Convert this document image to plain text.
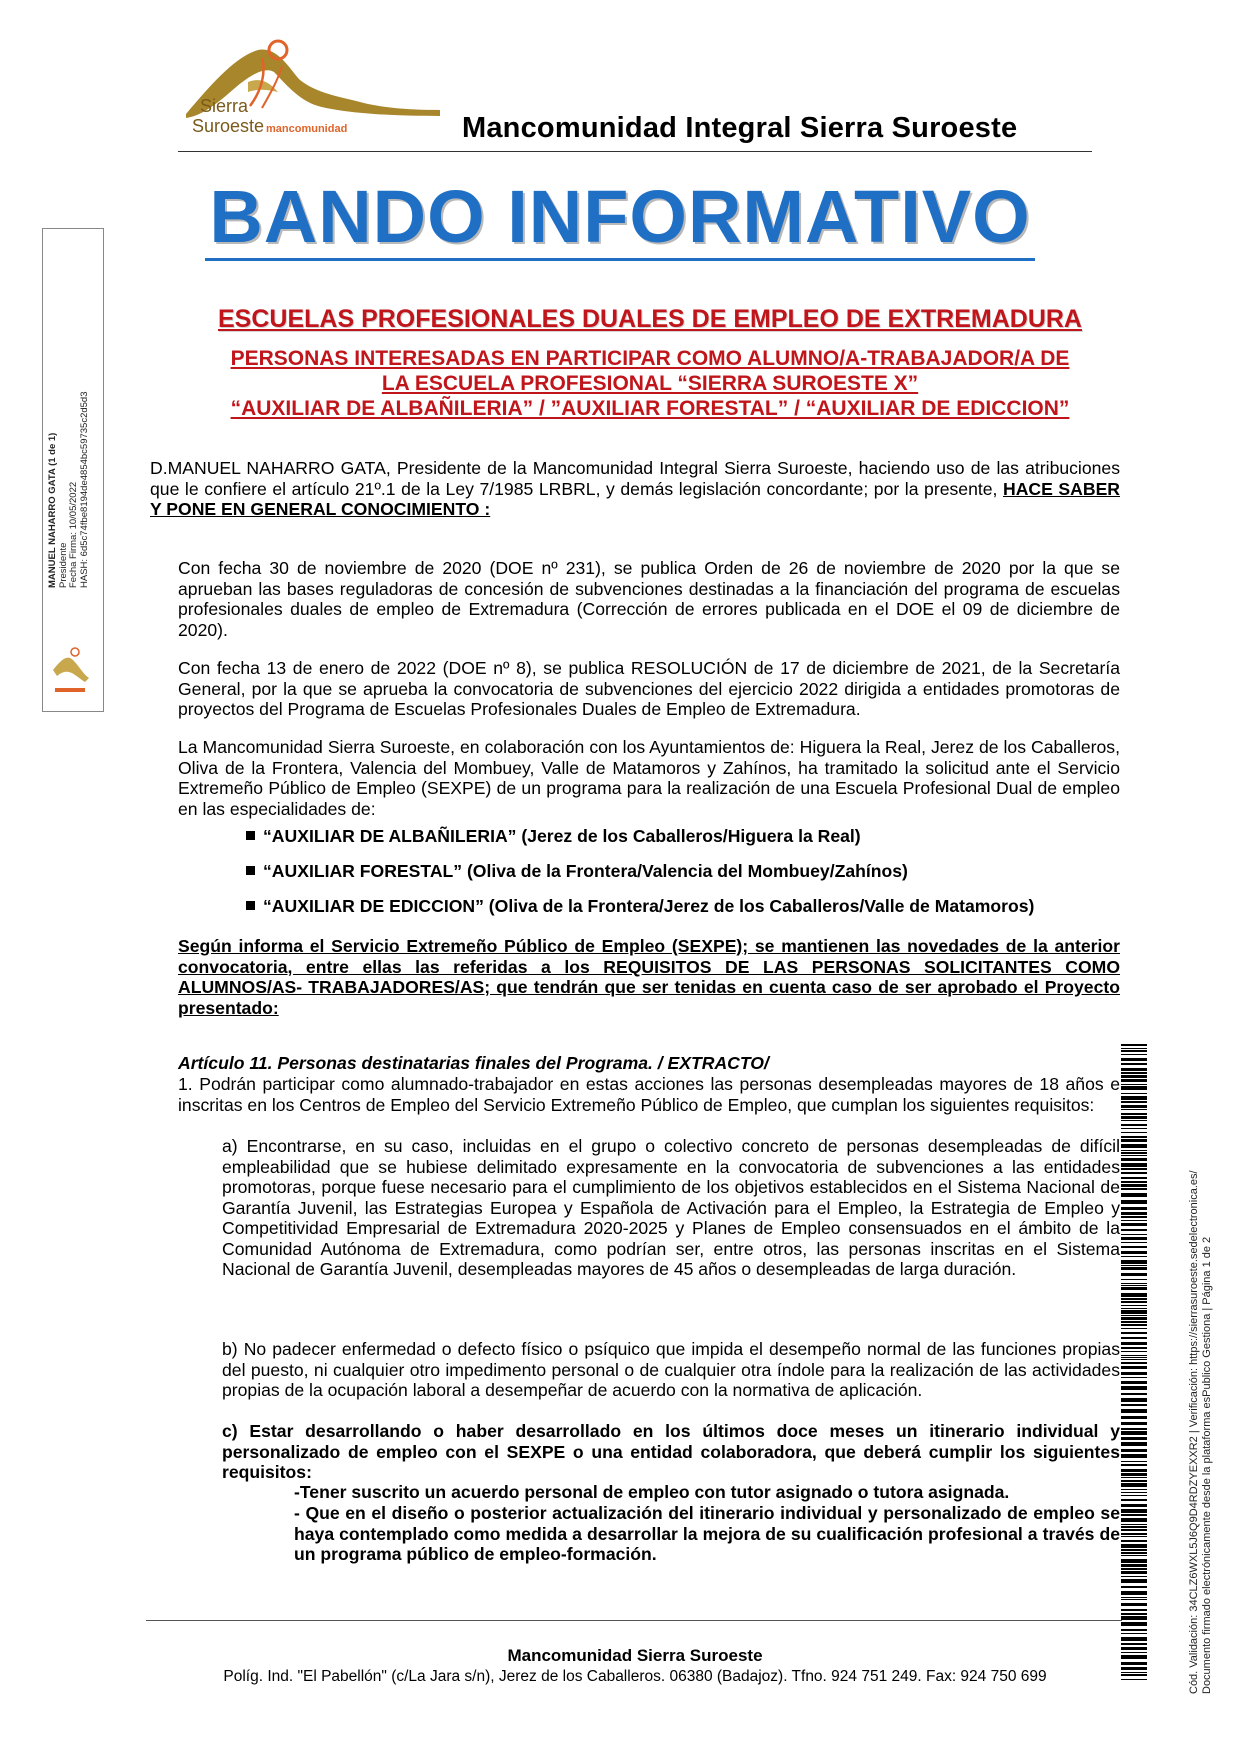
Sierra
Suroeste mancomunidad	Mancomunidad Integral Sierra Suroeste
BANDO INFORMATIVO
ESCUELAS PROFESIONALES DUALES DE EMPLEO DE EXTREMADURA
PERSONAS INTERESADAS EN PARTICIPAR COMO ALUMNO/A-TRABAJADOR/A DE
LA ESCUELA PROFESIONAL “SIERRA SUROESTE X”
“AUXILIAR DE ALBAÑILERIA” / ”AUXILIAR FORESTAL” / “AUXILIAR DE EDICCION”
MANUEL NAHARRO GATA (1 de 1) Presidente Fecha Firma: 10/05/2022 HASH: 6d5c74fbe8194de4854bc59735c2d5d3
Cód. Validación: 34CLZ6WXL5J6Q9D4RDZYEXXR2 | Verificación: https://sierrasuroeste.sedelectronica.es/ Documento firmado electrónicamente desde la plataforma esPublico Gestiona | Página 1 de 2
D.MANUEL NAHARRO GATA, Presidente de la Mancomunidad Integral Sierra Suroeste, haciendo uso de las atribuciones que le confiere el artículo 21º.1 de la Ley 7/1985 LRBRL, y demás legislación concordante; por la presente, HACE SABER Y PONE EN GENERAL CONOCIMIENTO :
Con fecha 30 de noviembre de 2020 (DOE nº 231), se publica Orden de 26 de noviembre de 2020 por la que se aprueban las bases reguladoras de concesión de subvenciones destinadas a la financiación del programa de escuelas profesionales duales de empleo de Extremadura (Corrección de errores publicada en el DOE el 09 de diciembre de 2020).
Con fecha 13 de enero de 2022 (DOE nº 8), se publica RESOLUCIÓN de 17 de diciembre de 2021, de la Secretaría General, por la que se aprueba la convocatoria de subvenciones del ejercicio 2022 dirigida a entidades promotoras de proyectos del Programa de Escuelas Profesionales Duales de Empleo de Extremadura.
La Mancomunidad Sierra Suroeste, en colaboración con los Ayuntamientos de: Higuera la Real, Jerez de los Caballeros, Oliva de la Frontera, Valencia del Mombuey, Valle de Matamoros y Zahínos, ha tramitado la solicitud ante el Servicio Extremeño Público de Empleo (SEXPE) de un programa para la realización de una Escuela Profesional Dual de empleo en las especialidades de:
“AUXILIAR DE ALBAÑILERIA” (Jerez de los Caballeros/Higuera la Real)
“AUXILIAR FORESTAL” (Oliva de la Frontera/Valencia del Mombuey/Zahínos)
“AUXILIAR DE EDICCION” (Oliva de la Frontera/Jerez de los Caballeros/Valle de Matamoros)
Según informa el Servicio Extremeño Público de Empleo (SEXPE); se mantienen las novedades de la anterior convocatoria, entre ellas las referidas a los REQUISITOS DE LAS PERSONAS SOLICITANTES COMO ALUMNOS/AS- TRABAJADORES/AS; que tendrán que ser tenidas en cuenta caso de ser aprobado el Proyecto presentado:
Artículo 11. Personas destinatarias finales del Programa. / EXTRACTO/
1. Podrán participar como alumnado-trabajador en estas acciones las personas desempleadas mayores de 18 años e inscritas en los Centros de Empleo del Servicio Extremeño Público de Empleo, que cumplan los siguientes requisitos:
a) Encontrarse, en su caso, incluidas en el grupo o colectivo concreto de personas desempleadas de difícil empleabilidad que se hubiese delimitado expresamente en la convocatoria de subvenciones a las entidades promotoras, porque fuese necesario para el cumplimiento de los objetivos establecidos en el Sistema Nacional de Garantía Juvenil, las Estrategias Europea y Española de Activación para el Empleo, la Estrategia de Empleo y Competitividad Empresarial de Extremadura 2020-2025 y Planes de Empleo consensuados en el ámbito de la Comunidad Autónoma de Extremadura, como podrían ser, entre otros, las personas inscritas en el Sistema Nacional de Garantía Juvenil, desempleadas mayores de 45 años o desempleadas de larga duración.
b) No padecer enfermedad o defecto físico o psíquico que impida el desempeño normal de las funciones propias del puesto, ni cualquier otro impedimento personal o de cualquier otra índole para la realización de las actividades propias de la ocupación laboral a desempeñar de acuerdo con la normativa de aplicación.
c) Estar desarrollando o haber desarrollado en los últimos doce meses un itinerario individual y personalizado de empleo con el SEXPE o una entidad colaboradora, que deberá cumplir los siguientes requisitos:
-Tener suscrito un acuerdo personal de empleo con tutor asignado o tutora asignada.
- Que en el diseño o posterior actualización del itinerario individual y personalizado de empleo se haya contemplado como medida a desarrollar la mejora de su cualificación profesional a través de un programa público de empleo-formación.
Mancomunidad Sierra Suroeste
Políg. Ind. "El Pabellón" (c/La Jara s/n), Jerez de los Caballeros. 06380 (Badajoz). Tfno. 924 751 249. Fax: 924 750 699
